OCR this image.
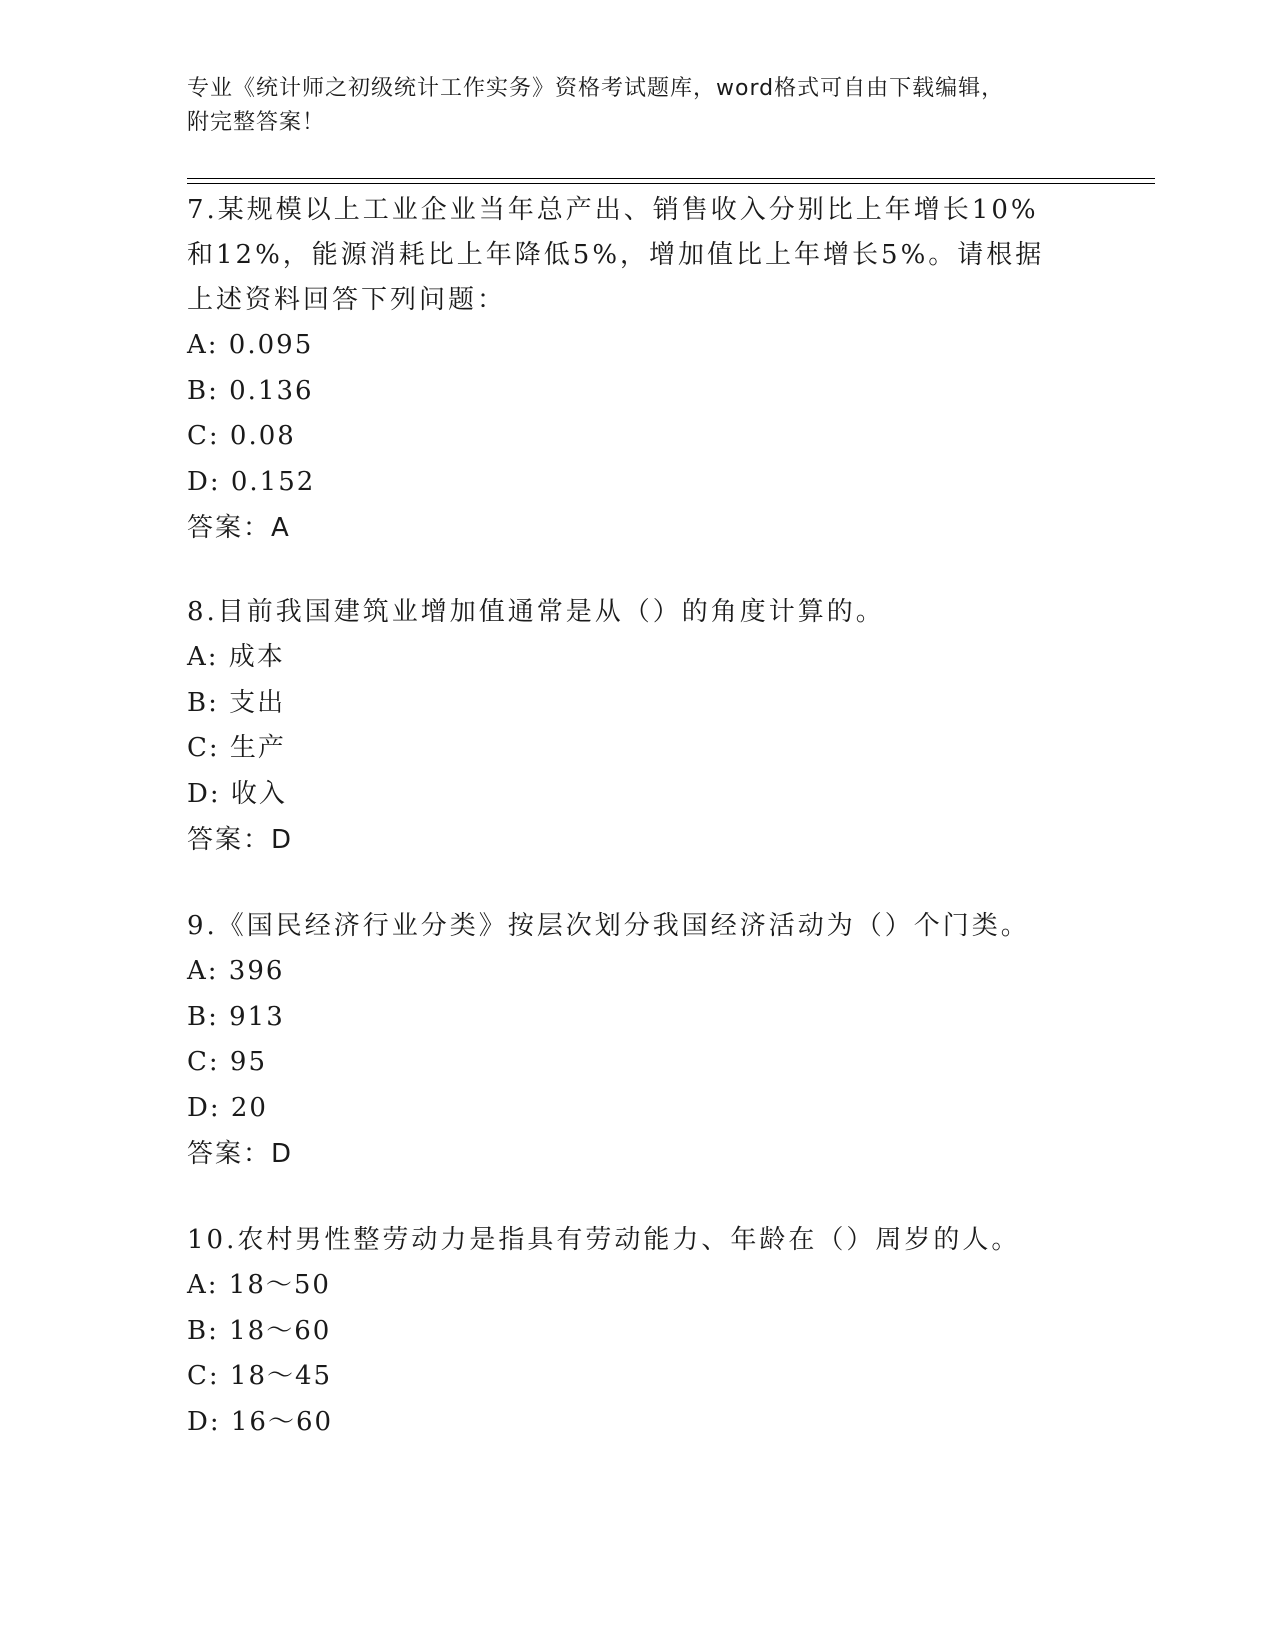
专业《统计师之初级统计工作实务》资格考试题库，word格式可自由下载编辑，
附完整答案！
7.某规模以上工业企业当年总产出、销售收入分别比上年增长10%和12%，能源消耗比上年降低5%，增加值比上年增长5%。请根据上述资料回答下列问题：
A: 0.095
B: 0.136
C: 0.08
D: 0.152
答案：A
8.目前我国建筑业增加值通常是从（）的角度计算的。
A: 成本
B: 支出
C: 生产
D: 收入
答案：D
9.《国民经济行业分类》按层次划分我国经济活动为（）个门类。
A: 396
B: 913
C: 95
D: 20
答案：D
10.农村男性整劳动力是指具有劳动能力、年龄在（）周岁的人。
A: 18～50
B: 18～60
C: 18～45
D: 16～60
